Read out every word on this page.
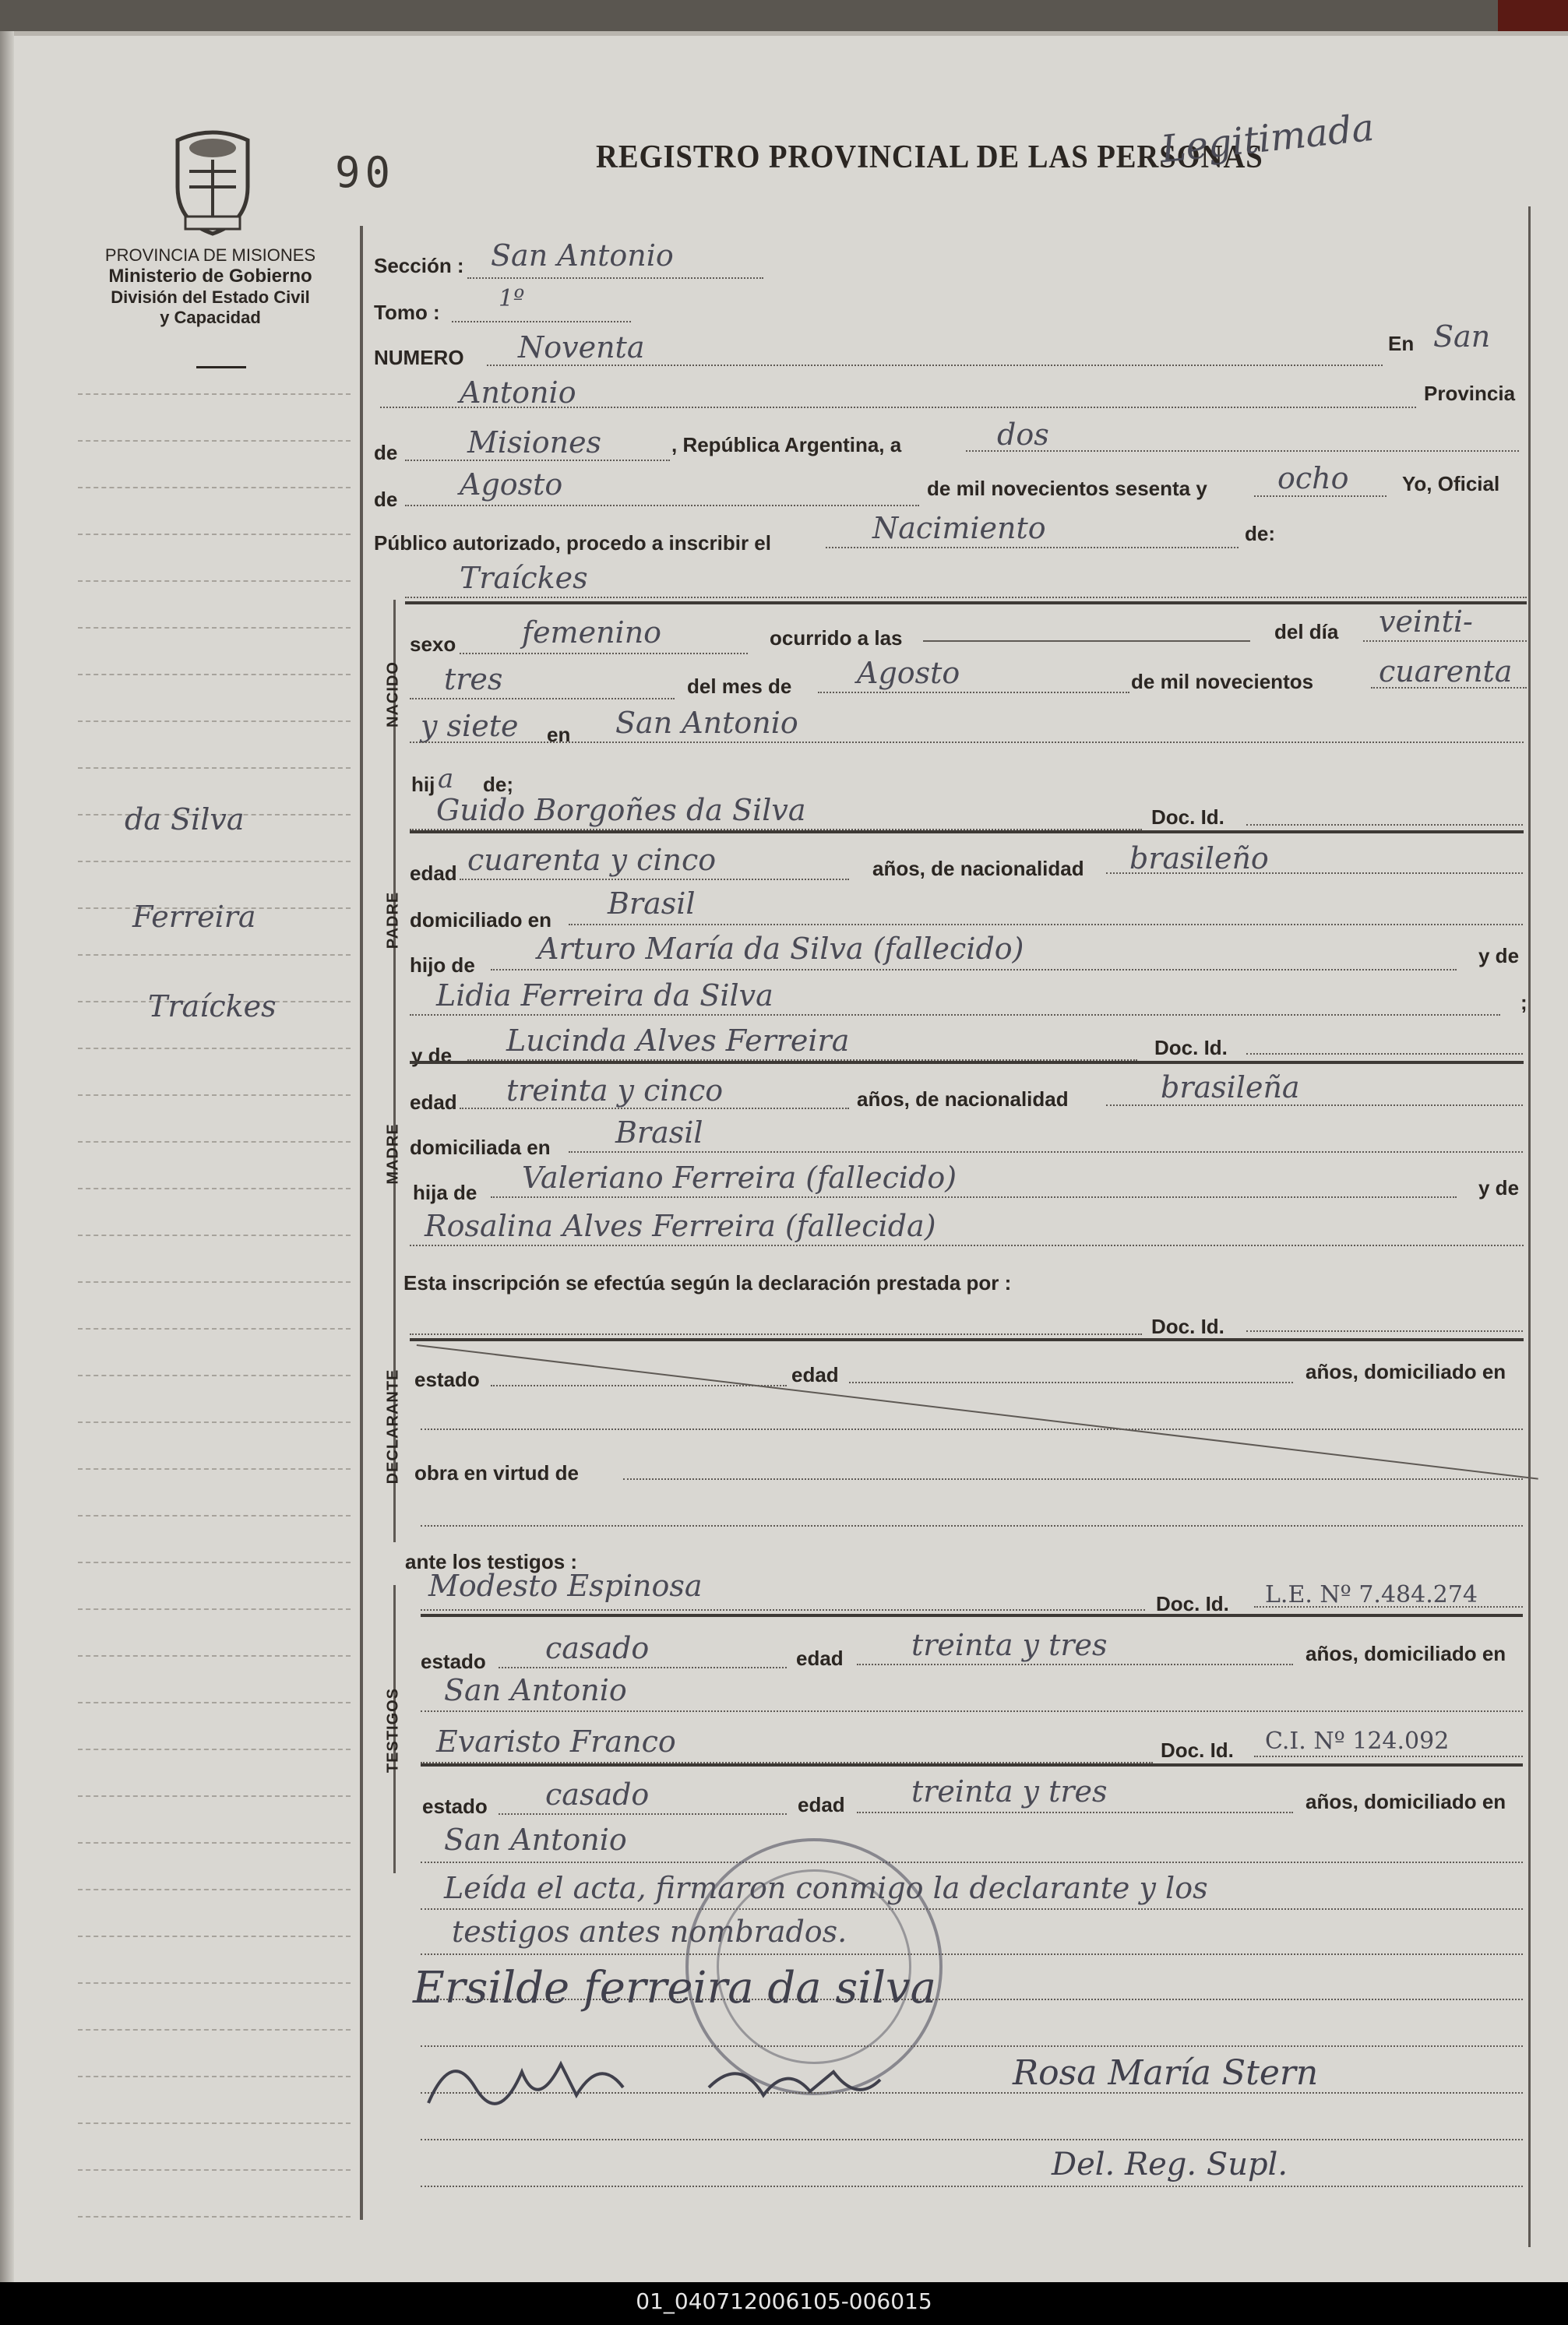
PROVINCIA DE MISIONES
Ministerio de Gobierno
División del Estado Civil
y Capacidad
90	REGISTRO PROVINCIAL DE LAS PERSONAS
Legitimada
da Silva
Ferreira
Traíckes
Sección : San Antonio
Tomo :	1º
NUMERO Noventa	En San
Antonio	Provincia
de Misiones	, República Argentina, a	dos
de Agosto	de mil novecientos sesenta y ocho	Yo, Oficial
Público autorizado, procedo a inscribir el	Nacimiento	de:
Traíckes
NACIDO
sexo femenino	ocurrido a las	del día veinti-
tres	del mes de Agosto	de mil novecientos cuarenta
y siete en San Antonio
hij a de;
Guido Borgoñes da Silva	Doc. Id.
PADRE
edad cuarenta y cinco	años, de nacionalidad brasileño
domiciliado en Brasil
hijo de Arturo María da Silva (fallecido)	y de
Lidia Ferreira da Silva	;
y de Lucinda Alves Ferreira	Doc. Id.
MADRE
edad treinta y cinco	años, de nacionalidad	brasileña
domiciliada en Brasil
hija de Valeriano Ferreira (fallecido)	y de
Rosalina Alves Ferreira (fallecida)
Esta inscripción se efectúa según la declaración prestada por :
Doc. Id.
DECLARANTE estado	edad	años, domiciliado en
obra en virtud de
ante los testigos :
Modesto Espinosa
Doc. Id. L.E. Nº 7.484.274
TESTIGOS
estado casado	edad treinta y tres	años, domiciliado en
San Antonio
Evaristo Franco	Doc. Id. C.I. Nº 124.092
estado casado	edad treinta y tres	años, domiciliado en
San Antonio
Leída el acta, firmaron conmigo la declarante y los
testigos antes nombrados.
Ersilde ferreira da silva
Rosa María Stern
Del. Reg. Supl.
01_040712006105-006015
